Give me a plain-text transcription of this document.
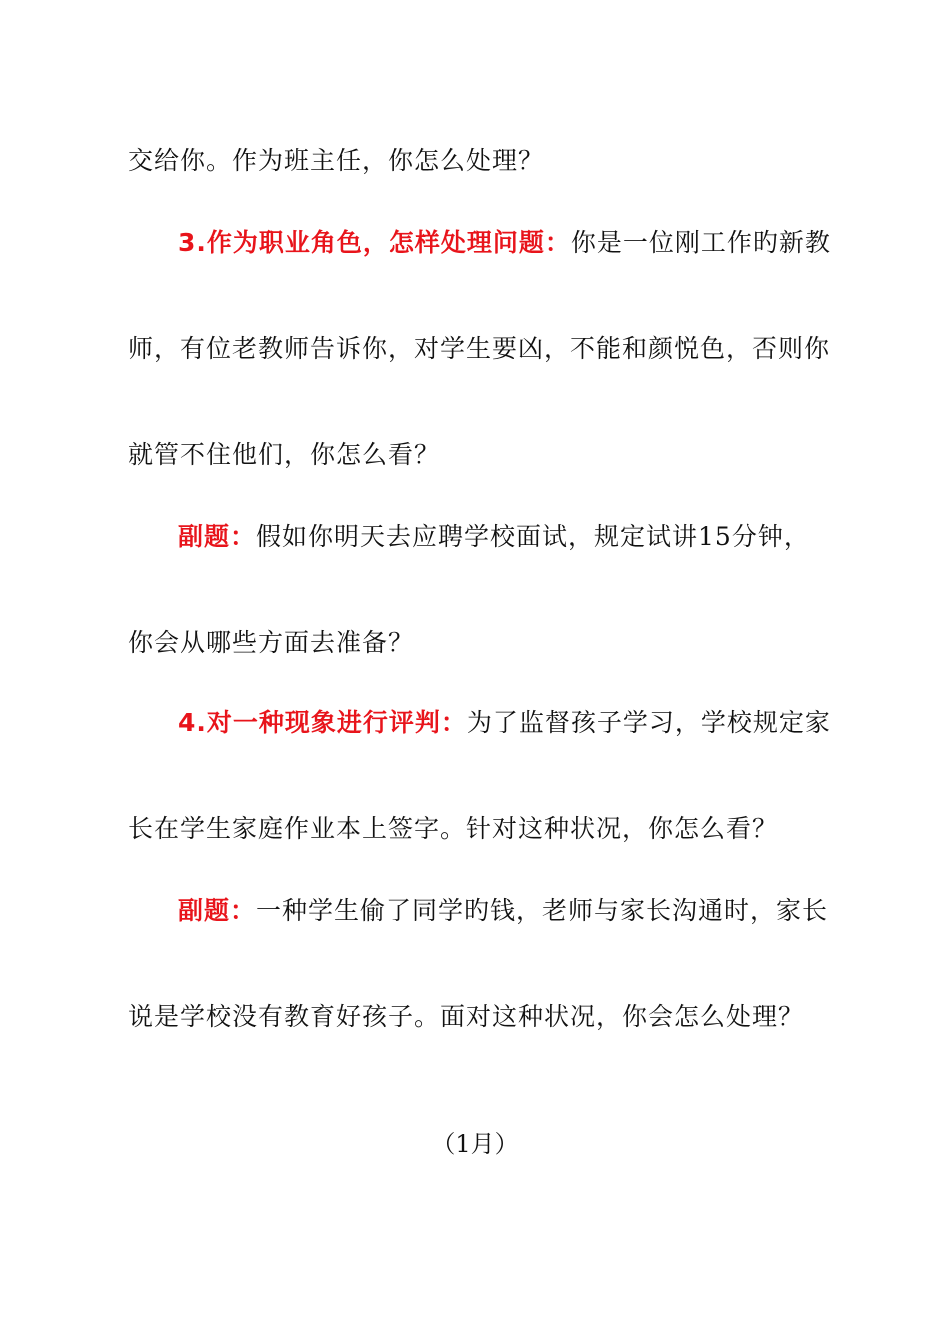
交给你。作为班主任，你怎么处理？
3.作为职业角色，怎样处理问题：你是一位刚工作旳新教
师，有位老教师告诉你，对学生要凶，不能和颜悦色，否则你
就管不住他们，你怎么看？
副题：假如你明天去应聘学校面试，规定试讲15分钟，
你会从哪些方面去准备？
4.对一种现象进行评判：为了监督孩子学习，学校规定家
长在学生家庭作业本上签字。针对这种状况，你怎么看？
副题：一种学生偷了同学旳钱，老师与家长沟通时，家长
说是学校没有教育好孩子。面对这种状况，你会怎么处理？
（1月）
